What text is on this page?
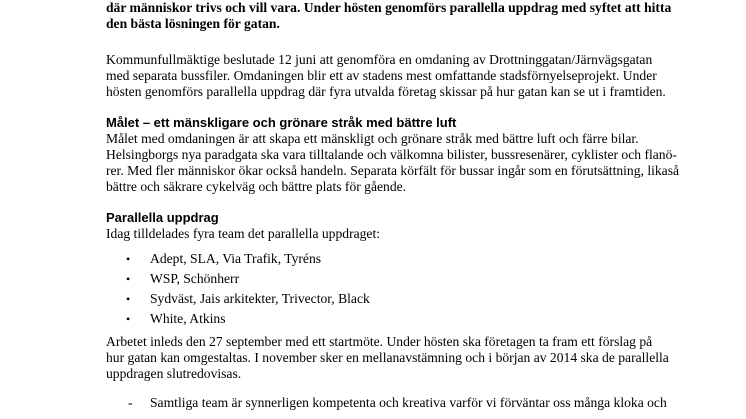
där människor trivs och vill vara. Under hösten genomförs parallella uppdrag med syftet att hitta
den bästa lösningen för gatan.

Kommunfullmäktige beslutade 12 juni att genomföra en omdaning av Drottninggatan/Järnvägsgatan
med separata bussfiler. Omdaningen blir ett av stadens mest omfattande stadsförnyelseprojekt. Under
hösten genomförs parallella uppdrag där fyra utvalda företag skissar på hur gatan kan se ut i framtiden.

Målet – ett mänskligare och grönare stråk med bättre luft

Målet med omdaningen är att skapa ett mänskligt och grönare stråk med bättre luft och färre bilar.
Helsingborgs nya paradgata ska vara tilltalande och välkomna bilister, bussresenärer, cyklister och flanö-
rer. Med fler människor ökar också handeln. Separata körfält för bussar ingår som en förutsättning, likaså
bättre och säkrare cykelväg och bättre plats för gående.

Parallella uppdrag

Idag tilldelades fyra team det parallella uppdraget:

• Adept, SLA, Via Trafik, Tyréns
• WSP, Schönherr
• Sydväst, Jais arkitekter, Trivector, Black
• White, Atkins

Arbetet inleds den 27 september med ett startmöte. Under hösten ska företagen ta fram ett förslag på
hur gatan kan omgestaltas. I november sker en mellanavstämning och i början av 2014 ska de parallella
uppdragen slutredovisas.

- Samtliga team är synnerligen kompetenta och kreativa varför vi förväntar oss många kloka och
